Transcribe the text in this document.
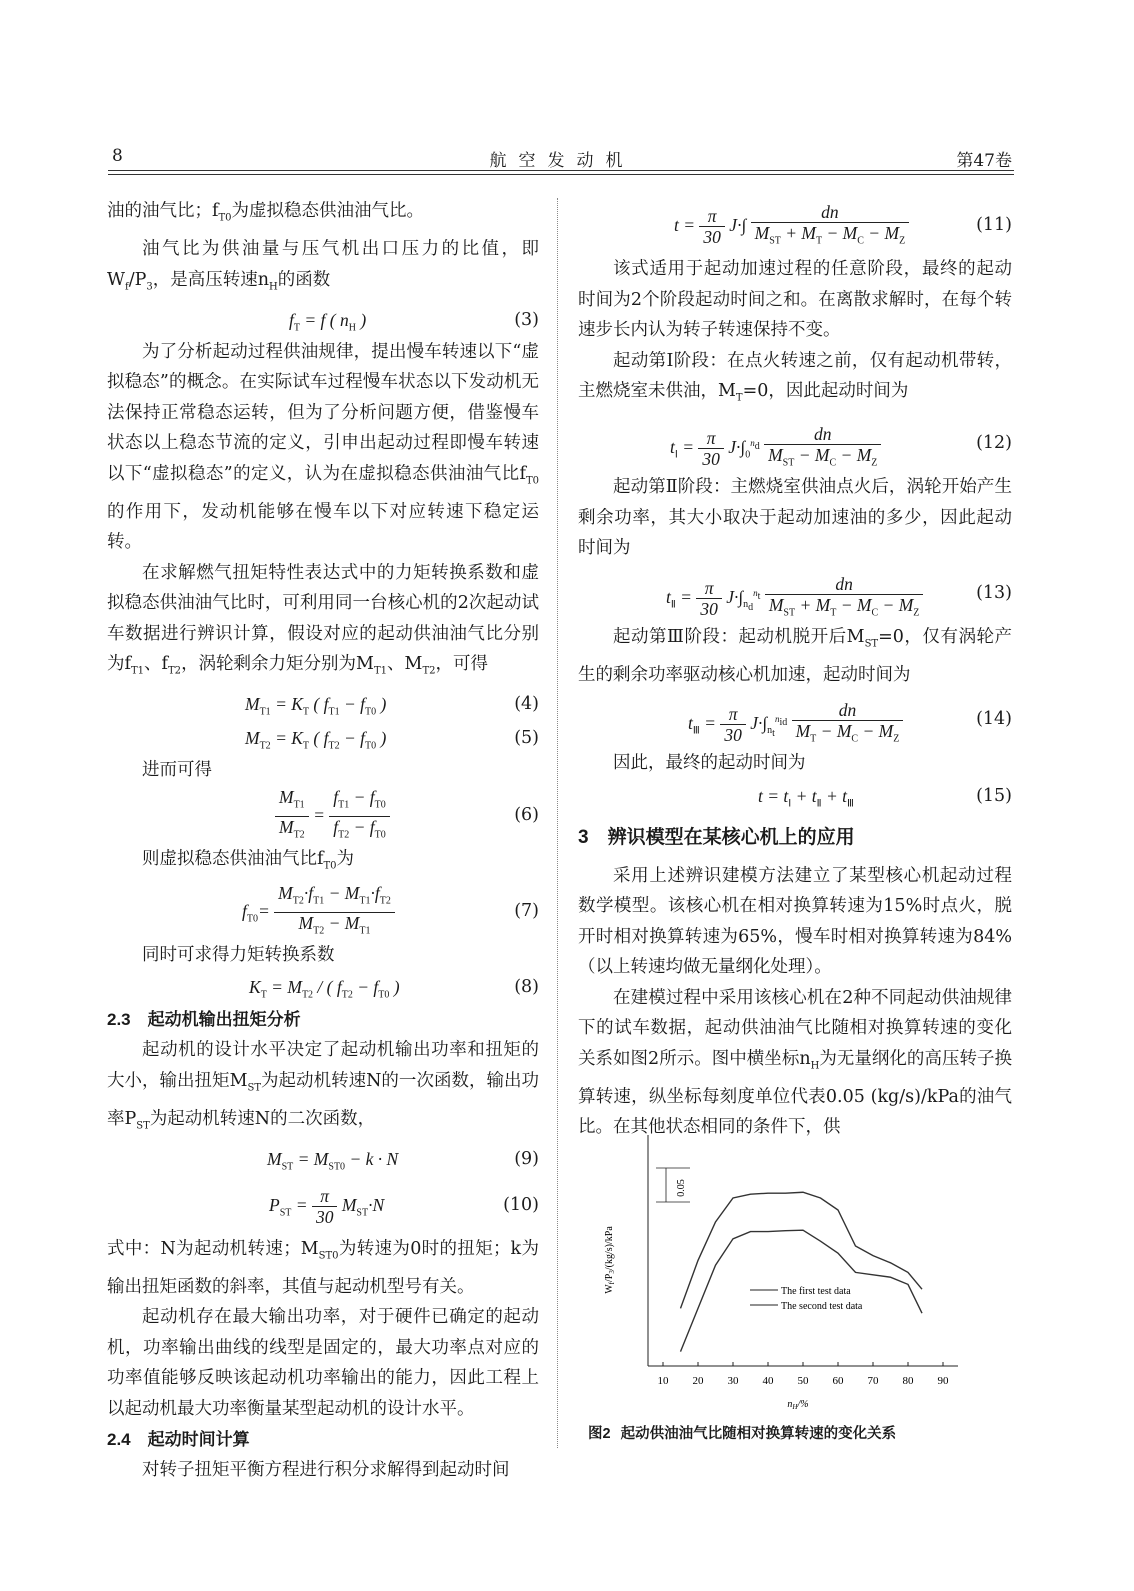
8	航空发动机	第47卷

油的油气比；$f_{T0}$为虚拟稳态供油油气比。

油气比为供油量与压气机出口压力的比值，即$W_f/P_3$，是高压转速$n_H$的函数

$f_T = f$ ( $n_H$ )	(3)

为了分析起动过程供油规律，提出慢车转速以下“虚拟稳态”的概念。在实际试车过程慢车状态以下发动机无法保持正常稳态运转，但为了分析问题方便，借鉴慢车状态以上稳态节流的定义，引申出起动过程即慢车转速以下“虚拟稳态”的定义，认为在虚拟稳态供油油气比$f_{T0}$的作用下，发动机能够在慢车以下对应转速下稳定运转。

在求解燃气扭矩特性表达式中的力矩转换系数和虚拟稳态供油油气比时，可利用同一台核心机的2次起动试车数据进行辨识计算，假设对应的起动供油油气比分别为$f_{T1}$、$f_{T2}$，涡轮剩余力矩分别为$M_{T1}$、$M_{T2}$，可得

$M_{T1} = K_T$ ( $f_{T1} - f_{T0}$ )	(4)
$M_{T2} = K_T$ ( $f_{T2} - f_{T0}$ )	(5)

进而可得

$\frac{M_{T1}}{M_{T2}} = \frac{f_{T1} - f_{T0}}{f_{T2} - f_{T0}}$	(6)

则虚拟稳态供油油气比$f_{T0}$为

$f_{T0}= \frac{M_{T2}\cdot f_{T1} - M_{T1}\cdot f_{T2}}{M_{T2} - M_{T1}}$	(7)

同时可求得力矩转换系数

$K_T = M_{T2}$ / ( $f_{T2} - f_{T0}$ )	(8)
2.3　起动机输出扭矩分析

起动机的设计水平决定了起动机输出功率和扭矩的大小，输出扭矩$M_{ST}$为起动机转速N的一次函数，输出功率$P_{ST}$为起动机转速N的二次函数，

$M_{ST} = M_{ST0} - k \cdot N$	(9)
$P_{ST} = \frac{\pi}{30} M_{ST}\cdot N$	(10)

式中：N为起动机转速；$M_{ST0}$为转速为0时的扭矩；k为输出扭矩函数的斜率，其值与起动机型号有关。

起动机存在最大输出功率，对于硬件已确定的起动机，功率输出曲线的线型是固定的，最大功率点对应的功率值能够反映该起动机功率输出的能力，因此工程上以起动机最大功率衡量某型起动机的设计水平。

2.4　起动时间计算

对转子扭矩平衡方程进行积分求解得到起动时间

$t = \frac{\pi}{30} J\cdot\int \frac{dn}{M_{ST} + M_T - M_C - M_Z}$	(11)

该式适用于起动加速过程的任意阶段，最终的起动时间为2个阶段起动时间之和。在离散求解时，在每个转速步长内认为转子转速保持不变。

起动第Ⅰ阶段：在点火转速之前，仅有起动机带转，主燃烧室未供油，$M_T=0$，因此起动时间为

$t_Ⅰ = \frac{\pi}{30} J\cdot\int_0^{n_d} \frac{dn}{M_{ST} - M_C - M_Z}$	(12)

起动第Ⅱ阶段：主燃烧室供油点火后，涡轮开始产生剩余功率，其大小取决于起动加速油的多少，因此起动时间为

$t_Ⅱ = \frac{\pi}{30} J\cdot\int_{n_d}^{n_t} \frac{dn}{M_{ST} + M_T - M_C - M_Z}$	(13)

起动第Ⅲ阶段：起动机脱开后$M_{ST}=0$，仅有涡轮产生的剩余功率驱动核心机加速，起动时间为

$t_Ⅲ = \frac{\pi}{30} J\cdot\int_{n_t}^{n_{id}} \frac{dn}{M_T - M_C - M_Z}$	(14)

因此，最终的起动时间为

$t = t_Ⅰ + t_Ⅱ + t_Ⅲ$	(15)
3　辨识模型在某核心机上的应用

采用上述辨识建模方法建立了某型核心机起动过程数学模型。该核心机在相对换算转速为15%时点火，脱开时相对换算转速为65%，慢车时相对换算转速为84%（以上转速均做无量纲化处理）。

在建模过程中采用该核心机在2种不同起动供油规律下的试车数据，起动供油油气比随相对换算转速的变化关系如图2所示。图中横坐标$n_H$为无量纲化的高压转子换算转速，纵坐标每刻度单位代表0.05 (kg/s)/kPa的油气比。在其他状态相同的条件下，供

10 20 30 40 50 60 70 80 90
0.05
$W_f/P_3/(kg/s)$/kPa
The first test data
The second test data
$n_H/\%$
图2 起动供油油气比随相对换算转速的变化关系
